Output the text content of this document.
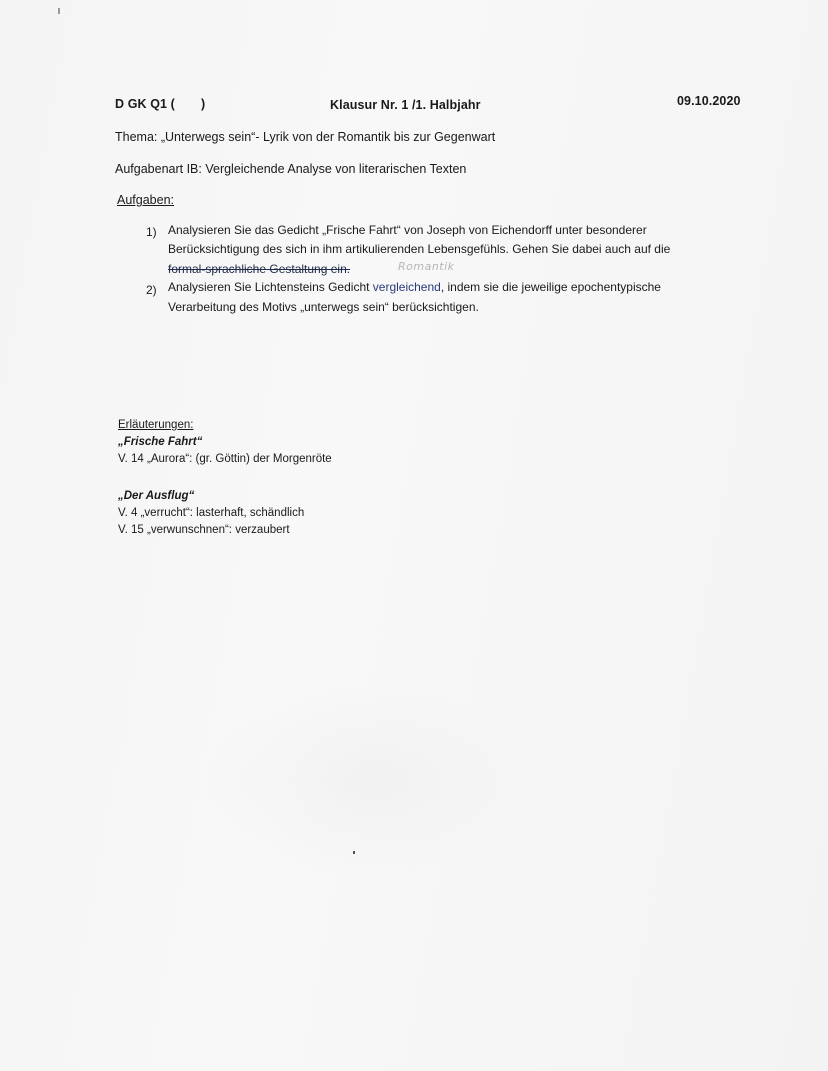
D GK Q1 ( )	Klausur Nr. 1 /1. Halbjahr	09.10.2020
Thema: „Unterwegs sein“- Lyrik von der Romantik bis zur Gegenwart
Aufgabenart IB: Vergleichende Analyse von literarischen Texten
Aufgaben:
1) Analysieren Sie das Gedicht „Frische Fahrt“ von Joseph von Eichendorff unter besonderer
Berücksichtigung des sich in ihm artikulierenden Lebensgefühls. Gehen Sie dabei auch auf die
formal-sprachliche Gestaltung ein.	Romantik
2) Analysieren Sie Lichtensteins Gedicht vergleichend, indem sie die jeweilige epochentypische
Verarbeitung des Motivs „unterwegs sein“ berücksichtigen.
Erläuterungen:
„Frische Fahrt“
V. 14 „Aurora“: (gr. Göttin) der Morgenröte
„Der Ausflug“
V. 4 „verrucht“: lasterhaft, schändlich
V. 15 „verwunschnen“: verzaubert
